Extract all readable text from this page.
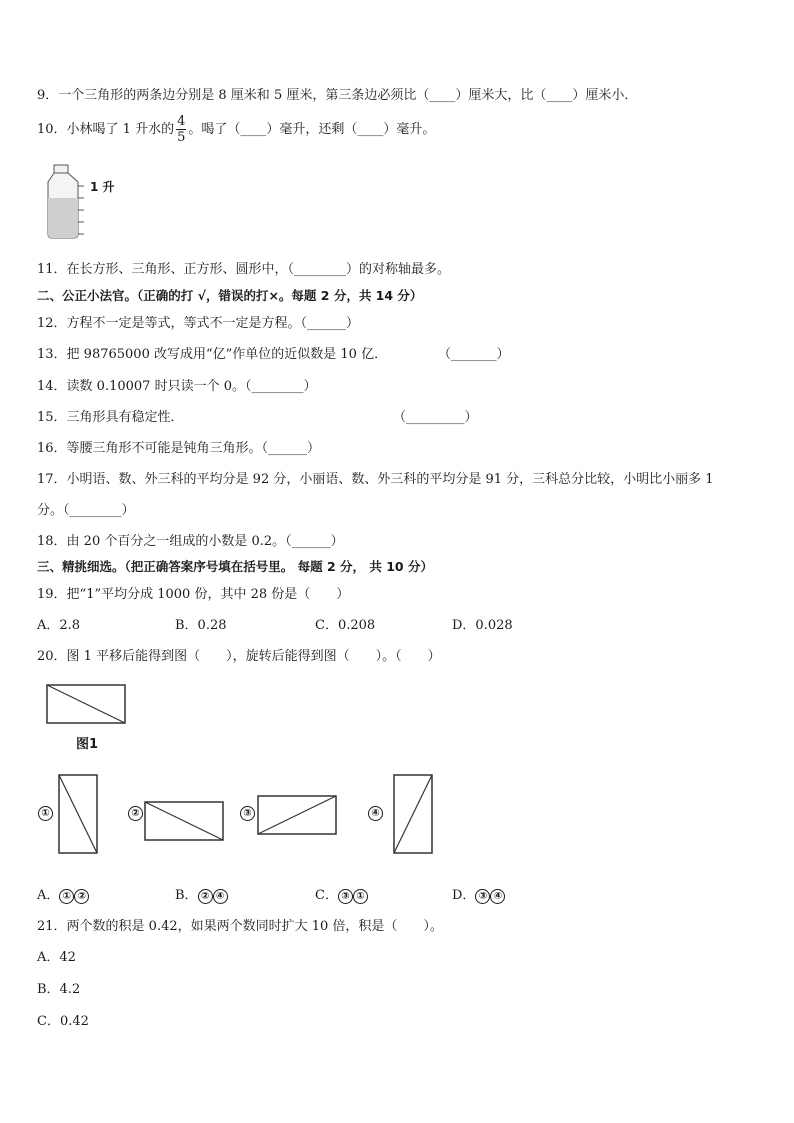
9．一个三角形的两条边分别是 8 厘米和 5 厘米，第三条边必须比（____）厘米大，比（____）厘米小．
10．小林喝了 1 升水的 $\frac{4}{5}$ 。喝了（____）毫升，还剩（____）毫升。
1 升
11．在长方形、三角形、正方形、圆形中，（________）的对称轴最多。
二、公正小法官。（正确的打 √，错误的打×。每题 2 分，共 14 分）
12．方程不一定是等式，等式不一定是方程。（______）
13．把 98765000 改写成用“亿”作单位的近似数是 10 亿．	（_______）
14．读数 0.10007 时只读一个 0。（________）
15．三角形具有稳定性．	（_________）
16．等腰三角形不可能是钝角三角形。（______）
17．小明语、数、外三科的平均分是 92 分，小丽语、数、外三科的平均分是 91 分，三科总分比较，小明比小丽多 1
分。（________）
18．由 20 个百分之一组成的小数是 0.2。（______）
三、精挑细选。（把正确答案序号填在括号里。 每题 2 分， 共 10 分）
19．把“1”平均分成 1000 份，其中 28 份是（　　）
A．2.8	B．0.28	C．0.208	D．0.028
20．图 1 平移后能得到图（　　），旋转后能得到图（　　）。（　　）
图1
①	②	③	④
A． ① ②	B． ② ④	C． ③ ①	D． ③ ④
21．两个数的积是 0.42，如果两个数同时扩大 10 倍，积是（　　）。
A．42
B．4.2
C．0.42
